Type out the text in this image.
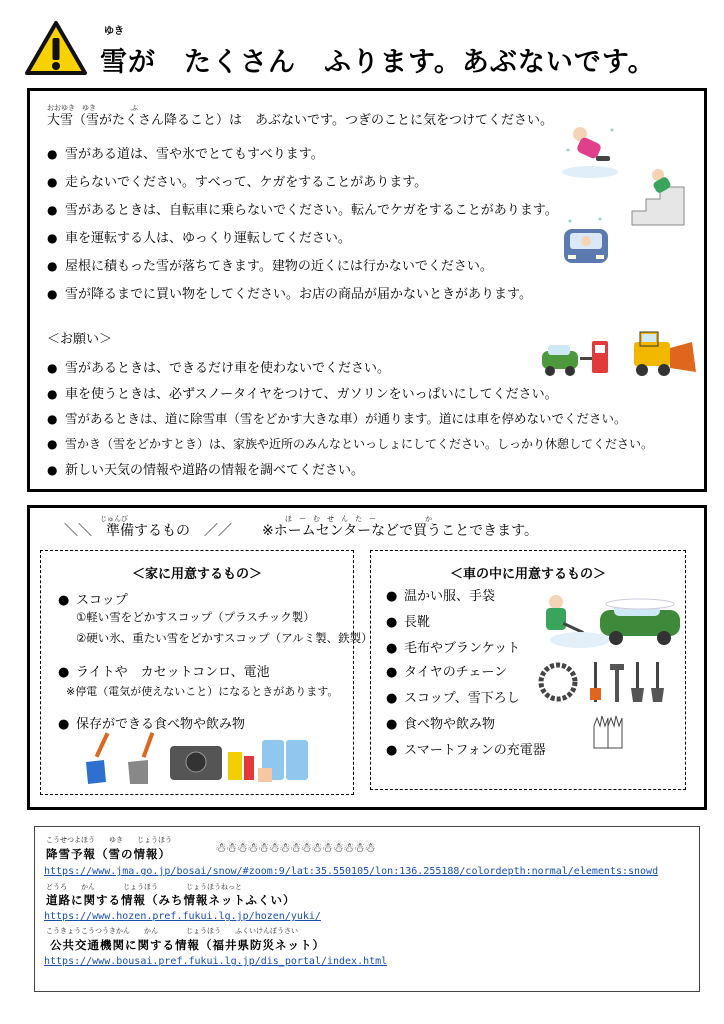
ゆき
雪が　たくさん　ふります。あぶないです。
おおゆき　ゆき　　　　　ふ
大雪（雪がたくさん降ること）は　あぶないです。つぎのことに気をつけてください。
● 雪がある道は、雪や氷でとてもすべります。
● 走らないでください。すべって、ケガをすることがあります。
● 雪があるときは、自転車に乗らないでください。転んでケガをすることがあります。
● 車を運転する人は、ゆっくり運転してください。
● 屋根に積もった雪が落ちてきます。建物の近くには行かないでください。
● 雪が降るまでに買い物をしてください。お店の商品が届かないときがあります。
＜お願い＞
● 雪があるときは、できるだけ車を使わないでください。
● 車を使うときは、必ずスノータイヤをつけて、ガソリンをいっぱいにしてください。
● 雪があるときは、道に除雪車（雪をどかす大きな車）が通ります。道には車を停めないでください。
● 雪かき（雪をどかすとき）は、家族や近所のみんなといっしょにしてください。しっかり休憩してください。
● 新しい天気の情報や道路の情報を調べてください。
じゅんび
＼＼　準備するもの　／／
ほ　ー　む　せ　ん　た　ー　　　　　　　か
※ホームセンターなどで買うことできます。
＜家に用意するもの＞
● スコップ
①軽い雪をどかすスコップ（プラスチック製）
②硬い氷、重たい雪をどかすスコップ（アルミ製、鉄製）
● ライトや　カセットコンロ、電池
※停電（電気が使えないこと）になるときがあります。
● 保存ができる食べ物や飲み物
＜車の中に用意するもの＞
● 温かい服、手袋
● 長靴
● 毛布やブランケット
● タイヤのチェーン
● スコップ、雪下ろし
● 食べ物や飲み物
● スマートフォンの充電器
こうせつよほう　　ゆき　　じょうほう
降雪予報（雪の情報）	☃☃☃☃☃☃☃☃☃☃☃☃☃☃☃
https://www.jma.go.jp/bosai/snow/#zoom:9/lat:35.550105/lon:136.255188/colordepth:normal/elements:snowd
どうろ　　かん　　　　じょうほう　　　　じょうほうねっと
道路に関する情報（みち情報ネットふくい）
https://www.hozen.pref.fukui.lg.jp/hozen/yuki/
こうきょうこうつうきかん　　かん　　　　じょうほう　　ふくいけんぼうさい
公共交通機関に関する情報（福井県防災ネット）
https://www.bousai.pref.fukui.lg.jp/dis_portal/index.html
